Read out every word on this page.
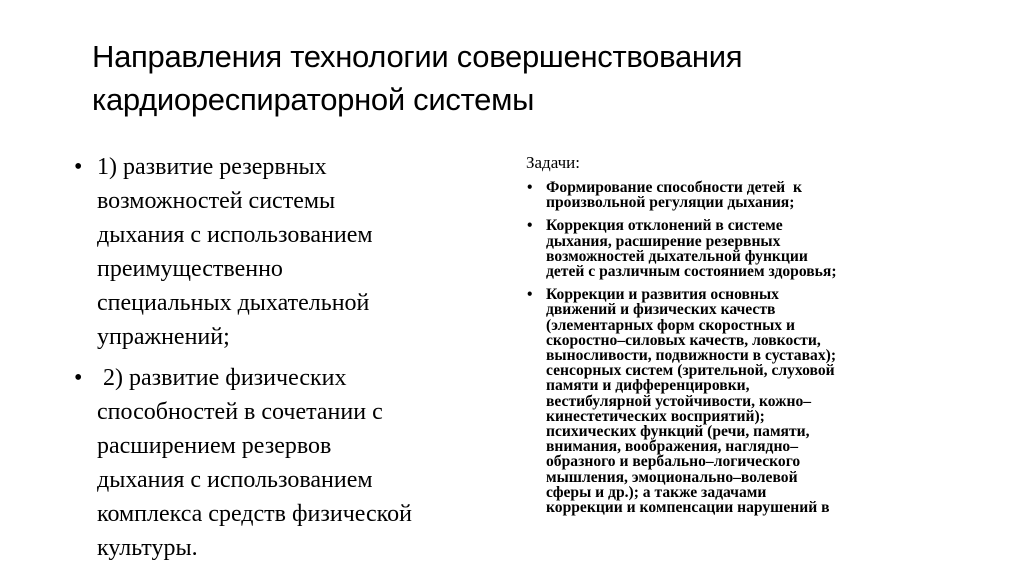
Направления технологии совершенствования
кардиореспираторной системы
• 1) развитие резервных
возможностей системы
дыхания с использованием
преимущественно
специальных дыхательной
упражнений;
• 2) развитие физических
способностей в сочетании с
расширением резервов
дыхания с использованием
комплекса средств физической
культуры.
Задачи:
• Формирование способности детей  к
произвольной регуляции дыхания;
• Коррекция отклонений в системе
дыхания, расширение резервных
возможностей дыхательной функции
детей с различным состоянием здоровья;
• Коррекции и развития основных
движений и физических качеств
(элементарных форм скоростных и
скоростно–силовых качеств, ловкости,
выносливости, подвижности в суставах);
сенсорных систем (зрительной, слуховой
памяти и дифференцировки,
вестибулярной устойчивости, кожно–
кинестетических восприятий);
психических функций (речи, памяти,
внимания, воображения, наглядно–
образного и вербально–логического
мышления, эмоционально–волевой
сферы и др.); а также задачами
коррекции и компенсации нарушений в
